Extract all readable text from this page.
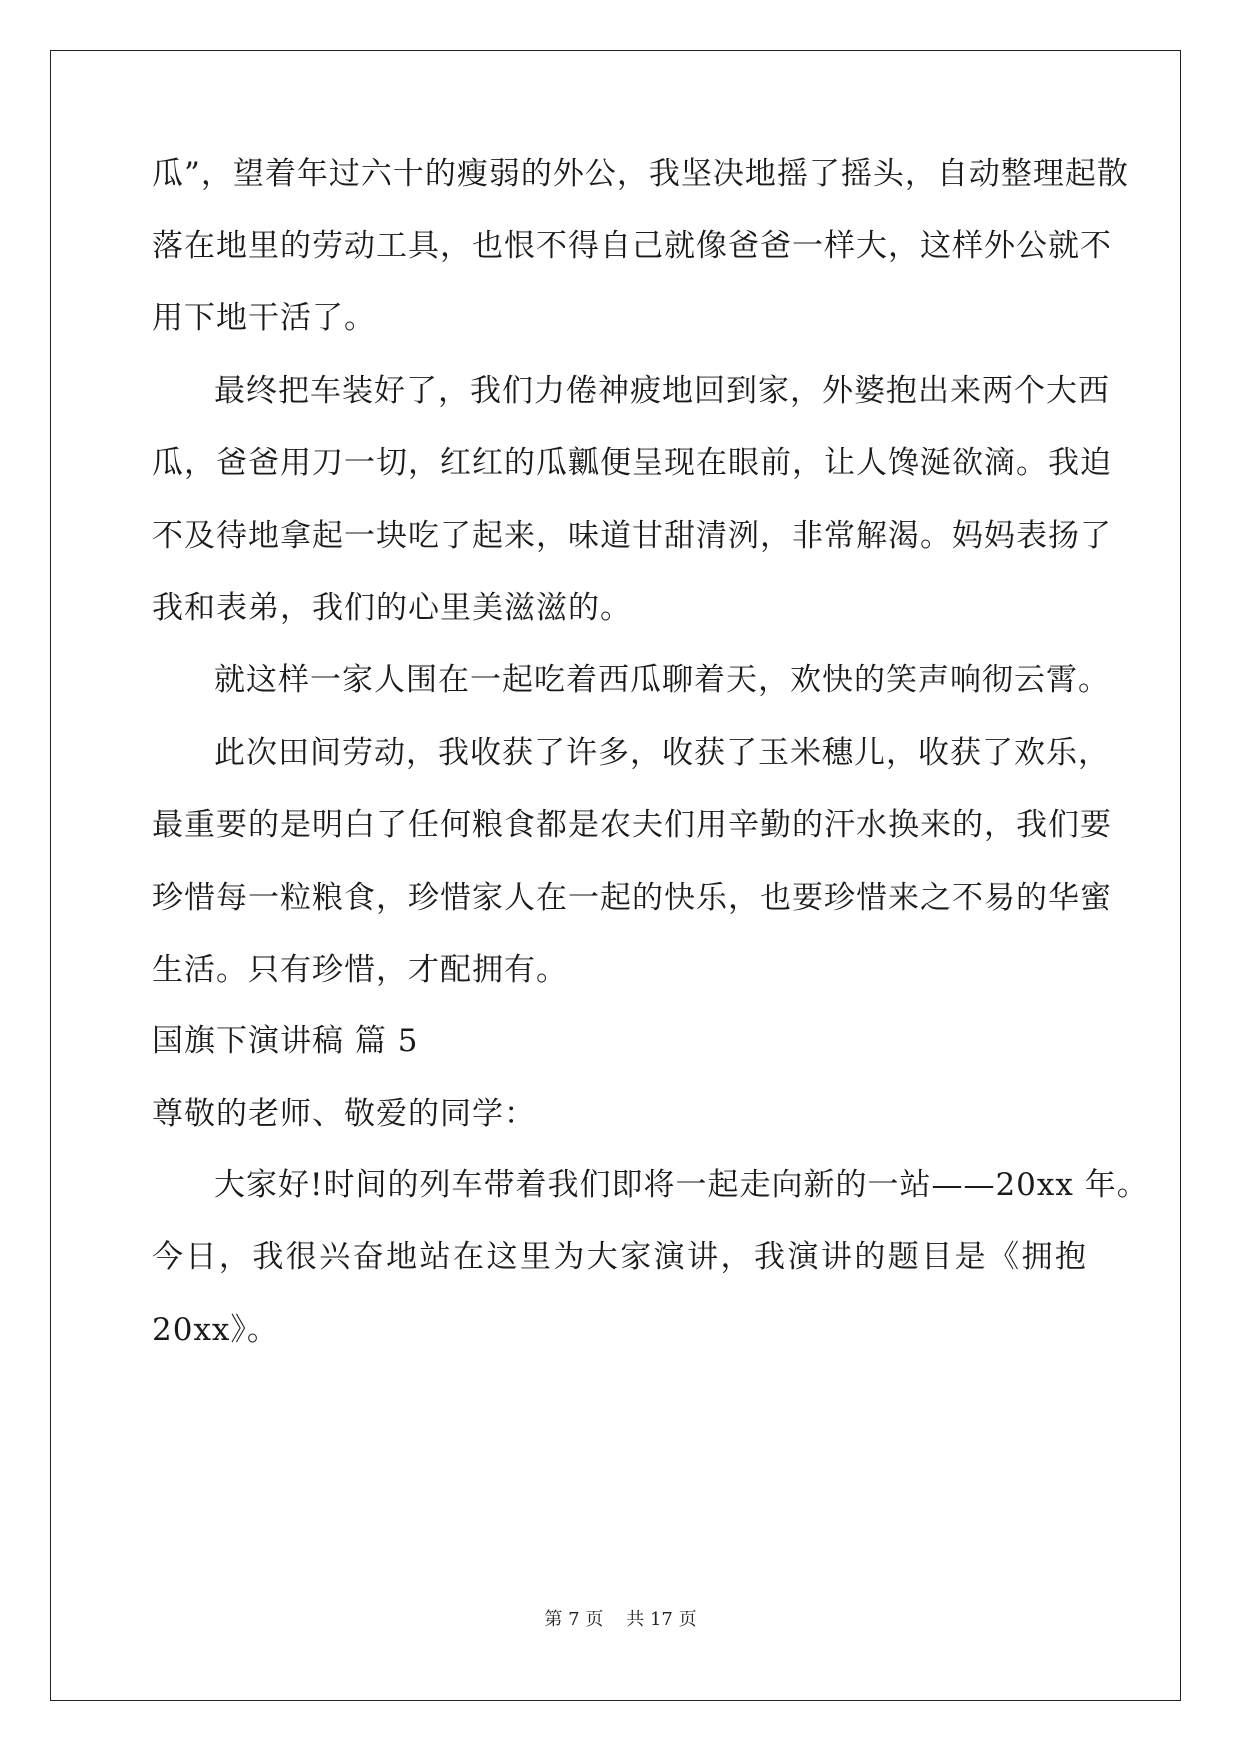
瓜”，望着年过六十的瘦弱的外公，我坚决地摇了摇头，自动整理起散
落在地里的劳动工具，也恨不得自己就像爸爸一样大，这样外公就不
用下地干活了。
最终把车装好了，我们力倦神疲地回到家，外婆抱出来两个大西
瓜，爸爸用刀一切，红红的瓜瓤便呈现在眼前，让人馋涎欲滴。我迫
不及待地拿起一块吃了起来，味道甘甜清洌，非常解渴。妈妈表扬了
我和表弟，我们的心里美滋滋的。
就这样一家人围在一起吃着西瓜聊着天，欢快的笑声响彻云霄。
此次田间劳动，我收获了许多，收获了玉米穗儿，收获了欢乐，
最重要的是明白了任何粮食都是农夫们用辛勤的汗水换来的，我们要
珍惜每一粒粮食，珍惜家人在一起的快乐，也要珍惜来之不易的华蜜
生活。只有珍惜，才配拥有。
国旗下演讲稿 篇 5
尊敬的老师、敬爱的同学：
大家好!时间的列车带着我们即将一起走向新的一站——20xx 年。
今日，我很兴奋地站在这里为大家演讲，我演讲的题目是《拥抱
20xx》。
第 7 页 共 17 页
